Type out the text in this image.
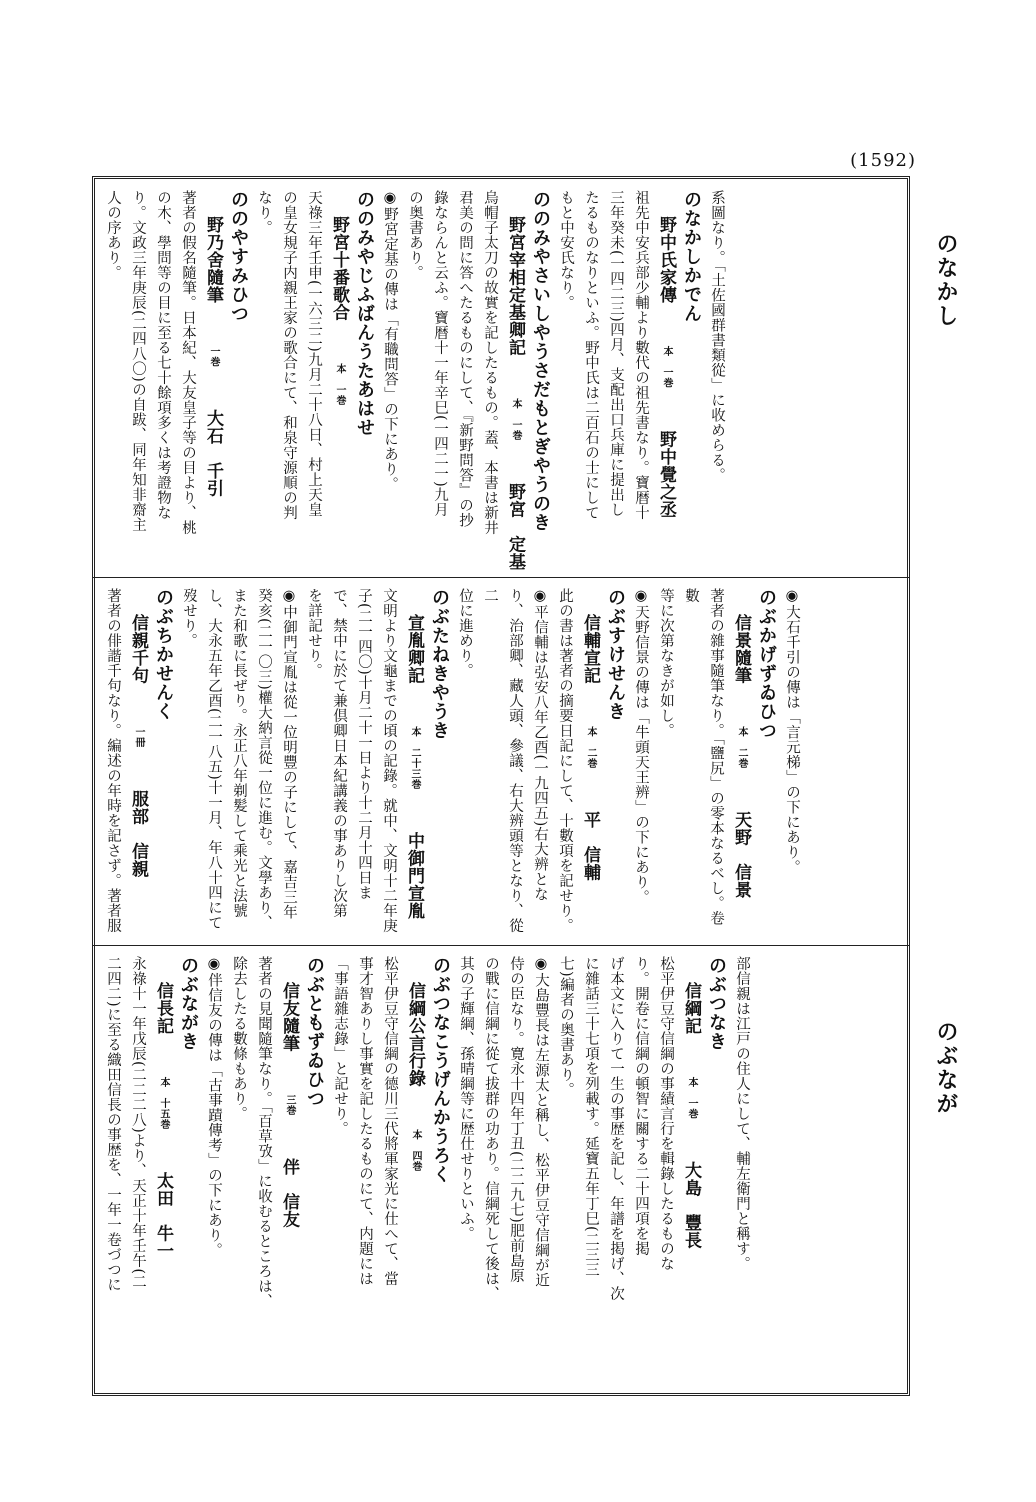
(1592)
のなかし
のぶなが

系圖なり。「土佐國群書類從」に收めらる。

のなかしかでん

野中氏家傳本　一巻野中覺之丞

祖先中安兵部少輔より數代の祖先書なり。寶暦十

三年癸未(一四二三)四月、支配出口兵庫に提出し

たるものなりといふ。野中氏は二百石の士にして

もと中安氏なり。

ののみやさいしやうさだもとぎやうのき

野宮宰相定基卿記本　一巻野宮　定基

烏帽子太刀の故實を記したるもの。蓋、本書は新井

君美の問に答へたるものにして、『新野問答』の抄

錄ならんと云ふ。寶暦十一年辛巳(一四二一)九月

の奥書あり。

◉野宮定基の傳は「有職問答」の下にあり。

ののみやじふばんうたあはせ

野宮十番歌合本　一巻

天祿三年壬申(一六三二)九月二十八日、村上天皇

の皇女規子内親王家の歌合にて、和泉守源順の判

なり。

ののやすみひつ

野乃舍隨筆一巻大石　千引

著者の假名隨筆。日本紀、大友皇子等の目より、桃

の木、學問等の目に至る七十餘項多くは考證物な

り。文政三年庚辰(二四八〇)の自跋、同年知非齋主

人の序あり。

◉大石千引の傳は「言元梯」の下にあり。

のぶかげずゐひつ

信景隨筆本　二巻天野　信景

著者の雜事隨筆なり。「鹽尻」の零本なるべし。卷數

等に次第なきが如し。

◉天野信景の傳は「牛頭天王辨」の下にあり。

のぶすけせんき

信輔宣記本　二巻平　信輔

此の書は著者の摘要日記にして、十數項を記せり。

◉平信輔は弘安八年乙酉(一九四五)右大辨とな

り、治部卿、藏人頭、參議、右大辨頭等となり、從二

位に進めり。

のぶたねきやうき

宣胤卿記本　二十三巻中御門宣胤

文明より文龜までの頃の記錄。就中、文明十二年庚

子(二一四〇)十月二十一日より十二月十四日ま

で、禁中に於て兼倶卿日本紀講義の事ありし次第

を詳記せり。

◉中御門宣胤は從一位明豐の子にして、嘉吉三年

癸亥(二一〇三)權大納言從一位に進む。文學あり、

また和歌に長ぜり。永正八年剃髪して乘光と法號

し、大永五年乙酉(二一八五)十一月、年八十四にて

歿せり。

のぶちかせんく

信親千句一冊服部　信親

著者の俳諧千句なり。編述の年時を記さず。著者服

部信親は江戸の住人にして、輔左衛門と稱す。

のぶつなき

信綱記本　一巻大島　豐長

松平伊豆守信綱の事績言行を輯錄したるものな

り。開卷に信綱の頓智に關する二十四項を掲

げ本文に入りて一生の事歴を記し、年譜を掲げ、次

に雜話三十七項を列載す。延寶五年丁巳(二三三

七)編者の奥書あり。

◉大島豐長は左源太と稱し、松平伊豆守信綱が近

侍の臣なり。寛永十四年丁丑(二二九七)肥前島原

の戰に信綱に從て拔群の功あり。信綱死して後は、

其の子輝綱、孫晴綱等に歴仕せりといふ。

のぶつなこうげんかうろく

信綱公言行錄本　四巻

松平伊豆守信綱の德川三代將軍家光に仕へて、當

事才智ありし事實を記したるものにて、内題には

「事語雜志錄」と記せり。

のぶともずゐひつ

信友隨筆三巻伴　信友

著者の見聞隨筆なり。「百草攷」に收むるところは、

除去したる數條もあり。

◉伴信友の傳は「古事蹟傳考」の下にあり。

のぶながき

信長記本　十五巻太田　牛一

永祿十一年戊辰(二二二八)より、天正十年壬午(二

二四二)に至る織田信長の事歴を、一年一卷づつに
